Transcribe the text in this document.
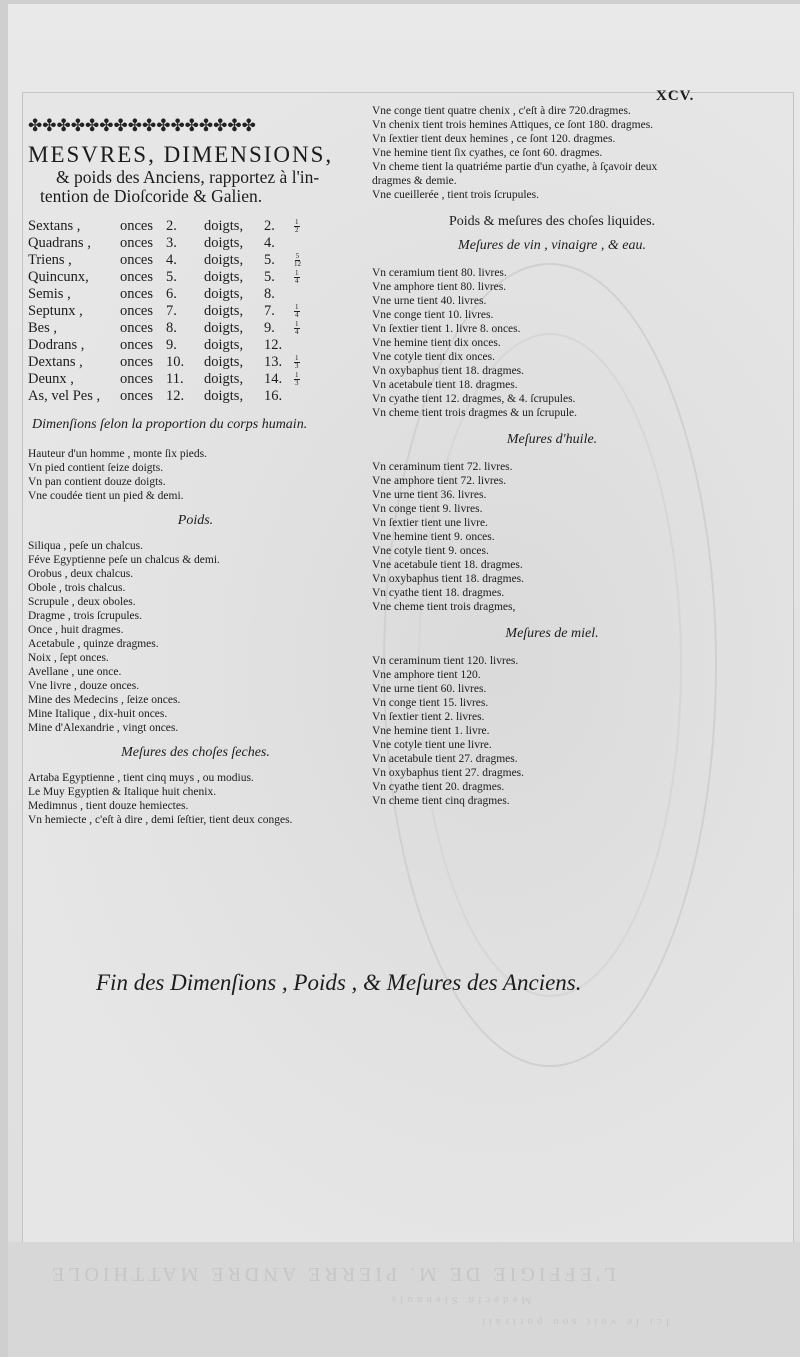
L'EFFIGIE DE M. PIERRE ANDRE MATTHIOLE
Medecin Siennois
Ici ſe voit son portrait
XCV.
✤✤✤✤✤✤✤✤✤✤✤✤✤✤✤✤
MESVRES, DIMENSIONS,
& poids des Anciens, rapportez à l'in-
tention de Dioſcoride & Galien.
Sextans ,	onces	2.	doigts,	2.	$\frac{1}{2}$

Quadrans ,	onces	3.	doigts,	4.	
Triens ,	onces	4.	doigts,	5.	$\frac{5}{12}$

Quincunx,	onces	5.	doigts,	5.	$\frac{1}{4}$

Semis ,	onces	6.	doigts,	8.	
Septunx ,	onces	7.	doigts,	7.	$\frac{1}{4}$

Bes ,	onces	8.	doigts,	9.	$\frac{1}{4}$

Dodrans ,	onces	9.	doigts,	12.	
Dextans ,	onces	10.	doigts,	13.	$\frac{1}{3}$

Deunx ,	onces	11.	doigts,	14.	$\frac{1}{3}$

As, vel Pes ,	onces	12.	doigts,	16.	
Dimenſions ſelon la proportion du corps humain.
Hauteur d'un homme , monte ſix pieds.
Vn pied contient ſeize doigts.
Vn pan contient douze doigts.
Vne coudée tient un pied & demi.
Poids.
Siliqua , peſe un chalcus.
Féve Egyptienne peſe un chalcus & demi.
Orobus , deux chalcus.
Obole , trois chalcus.
Scrupule , deux oboles.
Dragme , trois ſcrupules.
Once , huit dragmes.
Acetabule , quinze dragmes.
Noix , ſept onces.
Avellane , une once.
Vne livre , douze onces.
Mine des Medecins , ſeize onces.
Mine Italique , dix-huit onces.
Mine d'Alexandrie , vingt onces.
Meſures des choſes ſeches.
Artaba Egyptienne , tient cinq muys , ou modius.
Le Muy Egyptien & Italique huit chenix.
Medimnus , tient douze hemiectes.
Vn hemiecte , c'eſt à dire , demi ſeſtier, tient deux conges.
Vne conge tient quatre chenix , c'eſt à dire 720.dragmes.
Vn chenix tient trois hemines Attiques, ce ſont 180. dragmes.
Vn ſextier tient deux hemines , ce ſont 120. dragmes.
Vne hemine tient ſix cyathes, ce ſont 60. dragmes.
Vn cheme tient la quatriéme partie d'un cyathe, à ſçavoir deux
dragmes & demie.
Vne cueillerée , tient trois ſcrupules.
Poids & meſures des choſes liquides.
Meſures de vin , vinaigre , & eau.
Vn ceramium tient 80. livres.
Vne amphore tient 80. livres.
Vne urne tient 40. livres.
Vne conge tient 10. livres.
Vn ſextier tient 1. livre 8. onces.
Vne hemine tient dix onces.
Vne cotyle tient dix onces.
Vn oxybaphus tient 18. dragmes.
Vn acetabule tient 18. dragmes.
Vn cyathe tient 12. dragmes, & 4. ſcrupules.
Vn cheme tient trois dragmes & un ſcrupule.
Meſures d'huile.
Vn ceraminum tient 72. livres.
Vne amphore tient 72. livres.
Vne urne tient 36. livres.
Vn conge tient 9. livres.
Vn ſextier tient une livre.
Vne hemine tient 9. onces.
Vne cotyle tient 9. onces.
Vne acetabule tient 18. dragmes.
Vn oxybaphus tient 18. dragmes.
Vn cyathe tient 18. dragmes.
Vne cheme tient trois dragmes,
Meſures de miel.
Vn ceraminum tient 120. livres.
Vne amphore tient 120.
Vne urne tient 60. livres.
Vn conge tient 15. livres.
Vn ſextier tient 2. livres.
Vne hemine tient 1. livre.
Vne cotyle tient une livre.
Vn acetabule tient 27. dragmes.
Vn oxybaphus tient 27. dragmes.
Vn cyathe tient 20. dragmes.
Vn cheme tient cinq dragmes.
Fin des Dimenſions , Poids , & Meſures des Anciens.
